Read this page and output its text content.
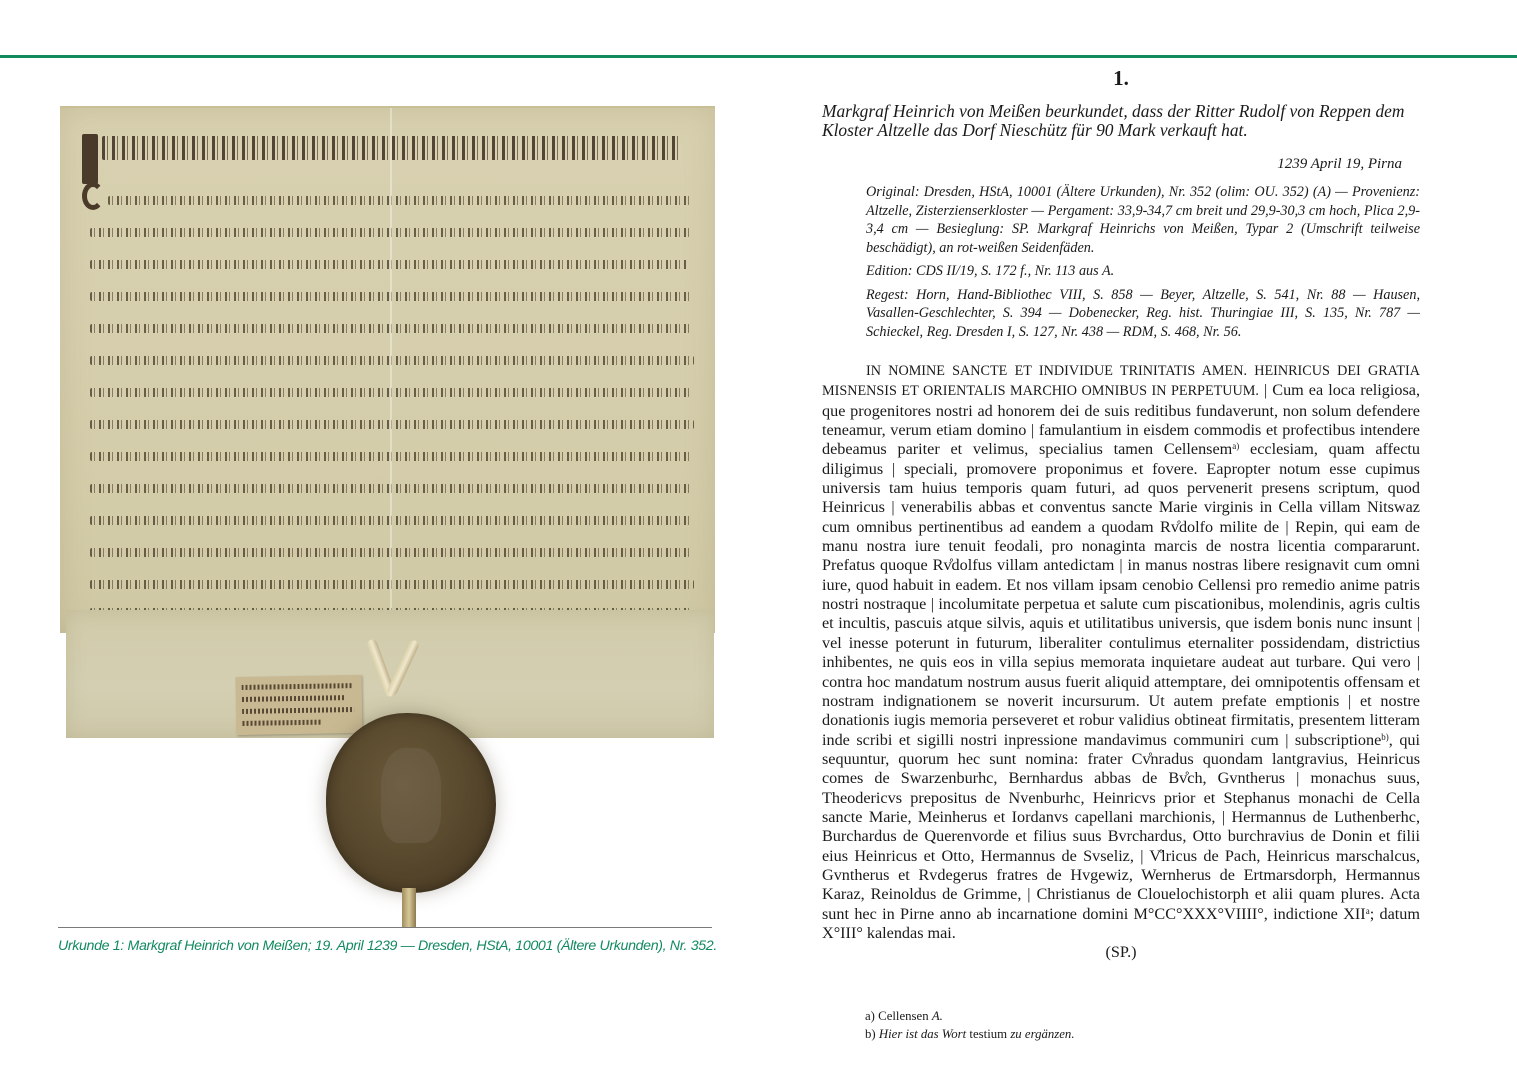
Urkunde 1: Markgraf Heinrich von Meißen; 19. April 1239 — Dresden, HStA, 10001 (Ältere Urkunden), Nr. 352.
1.

Markgraf Heinrich von Meißen beurkundet, dass der Ritter Rudolf von Reppen dem Kloster Altzelle das Dorf Nieschütz für 90 Mark verkauft hat.

1239 April 19, Pirna

Original: Dresden, HStA, 10001 (Ältere Urkunden), Nr. 352 (olim: OU. 352) (A) — Provenienz: Altzelle, Zisterzienserkloster — Pergament: 33,9-34,7 cm breit und 29,9-30,3 cm hoch, Plica 2,9-3,4 cm — Besieglung: SP. Markgraf Heinrichs von Meißen, Typar 2 (Umschrift teilweise beschädigt), an rot-weißen Seidenfäden.

Edition: CDS II/19, S. 172 f., Nr. 113 aus A.

Regest: Horn, Hand-Bibliothec VIII, S. 858 — Beyer, Altzelle, S. 541, Nr. 88 — Hausen, Vasallen-Geschlechter, S. 394 — Dobenecker, Reg. hist. Thuringiae III, S. 135, Nr. 787 — Schieckel, Reg. Dresden I, S. 127, Nr. 438 — RDM, S. 468, Nr. 56.

IN NOMINE SANCTE ET INDIVIDUE TRINITATIS AMEN. HEINRICUS DEI GRATIA MISNENSIS ET ORIENTALIS MARCHIO OMNIBUS IN PERPETUUM. | Cum ea loca religiosa, que progenitores nostri ad honorem dei de suis reditibus fundaverunt, non solum defendere teneamur, verum etiam domino | famulantium in eisdem commodis et profectibus intendere debeamus pariter et velimus, specialius tamen Cellensem$^{a)}$ ecclesiam, quam affectu diligimus | speciali, promovere proponimus et fovere. Eapropter notum esse cupimus universis tam huius temporis quam futuri, ad quos pervenerit presens scriptum, quod Heinricus | venerabilis abbas et conventus sancte Marie virginis in Cella villam Nitswaz cum omnibus pertinentibus ad eandem a quodam Rv̊dolfo milite de | Repin, qui eam de manu nostra iure tenuit feodali, pro nonaginta marcis de nostra licentia compararunt. Prefatus quoque Rv̊dolfus villam antedictam | in manus nostras libere resignavit cum omni iure, quod habuit in eadem. Et nos villam ipsam cenobio Cellensi pro remedio anime patris nostri nostraque | incolumitate perpetua et salute cum piscationibus, molendinis, agris cultis et incultis, pascuis atque silvis, aquis et utilitatibus universis, que isdem bonis nunc insunt | vel inesse poterunt in futurum, liberaliter contulimus eternaliter possidendam, districtius inhibentes, ne quis eos in villa sepius memorata inquietare audeat aut turbare. Qui vero | contra hoc mandatum nostrum ausus fuerit aliquid attemptare, dei omnipotentis offensam et nostram indignationem se noverit incursurum. Ut autem prefate emptionis | et nostre donationis iugis memoria perseveret et robur validius obtineat firmitatis, presentem litteram inde scribi et sigilli nostri inpressione mandavimus communiri cum | subscriptione$^{b)}$, qui sequuntur, quorum hec sunt nomina: frater Cv̊nradus quondam lantgravius, Heinricus comes de Swarzenburhc, Bernhardus abbas de Bv̊ch, Gvntherus | monachus suus, Theodericvs prepositus de Nvenburhc, Heinricvs prior et Stephanus monachi de Cella sancte Marie, Meinherus et Iordanvs capellani marchionis, | Hermannus de Luthenberhc, Burchardus de Querenvorde et filius suus Bvrchardus, Otto burchravius de Donin et filii eius Heinricus et Otto, Hermannus de Svseliz, | V̊lricus de Pach, Heinricus marschalcus, Gvntherus et Rvdegerus fratres de Hvgewiz, Wernherus de Ertmarsdorph, Hermannus Karaz, Reinoldus de Grimme, | Christianus de Clouelochistorph et alii quam plures. Acta sunt hec in Pirne anno ab incarnatione domini M°CC°XXX°VIIII°, indictione XII$^a$; datum X°III° kalendas mai.

(SP.)
a) Cellensen A.
b) Hier ist das Wort testium zu ergänzen.
